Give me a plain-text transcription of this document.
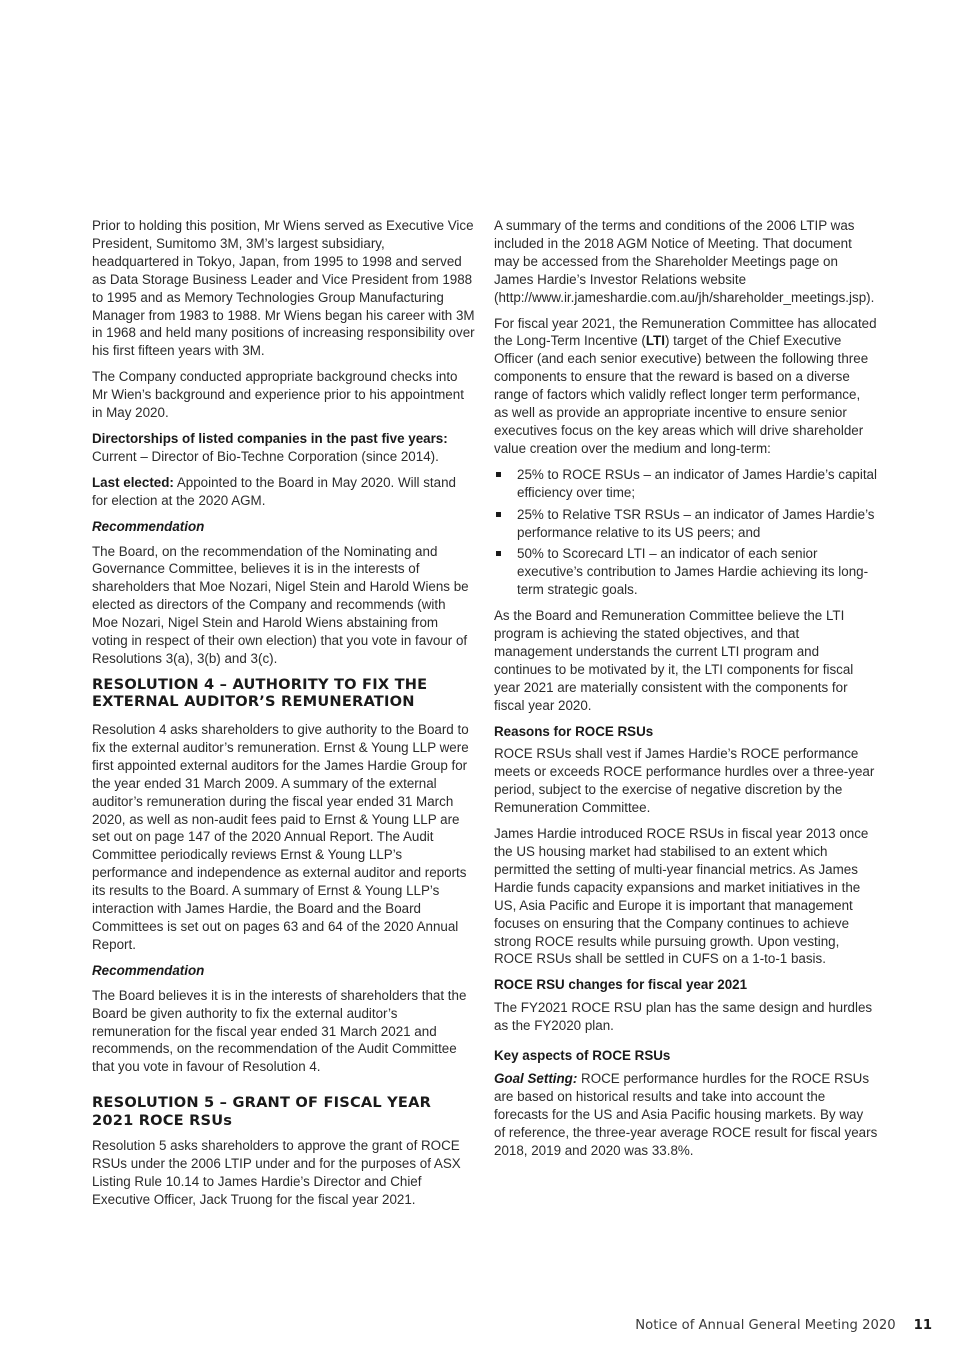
Prior to holding this position, Mr Wiens served as Executive Vice President, Sumitomo 3M, 3M’s largest subsidiary, headquartered in Tokyo, Japan, from 1995 to 1998 and served as Data Storage Business Leader and Vice President from 1988 to 1995 and as Memory Technologies Group Manufacturing Manager from 1983 to 1988. Mr Wiens began his career with 3M in 1968 and held many positions of increasing responsibility over his first fifteen years with 3M.

The Company conducted appropriate background checks into Mr Wien’s background and experience prior to his appointment in May 2020.

Directorships of listed companies in the past five years: Current – Director of Bio-Techne Corporation (since 2014).

Last elected: Appointed to the Board in May 2020. Will stand for election at the 2020 AGM.

Recommendation

The Board, on the recommendation of the Nominating and Governance Committee, believes it is in the interests of shareholders that Moe Nozari, Nigel Stein and Harold Wiens be elected as directors of the Company and recommends (with Moe Nozari, Nigel Stein and Harold Wiens abstaining from voting in respect of their own election) that you vote in favour of Resolutions 3(a), 3(b) and 3(c).

RESOLUTION 4 – AUTHORITY TO FIX THE EXTERNAL AUDITOR’S REMUNERATION

Resolution 4 asks shareholders to give authority to the Board to fix the external auditor’s remuneration. Ernst & Young LLP were first appointed external auditors for the James Hardie Group for the year ended 31 March 2009. A summary of the external auditor’s remuneration during the fiscal year ended 31 March 2020, as well as non-audit fees paid to Ernst & Young LLP are set out on page 147 of the 2020 Annual Report. The Audit Committee periodically reviews Ernst & Young LLP’s performance and independence as external auditor and reports its results to the Board. A summary of Ernst & Young LLP’s interaction with James Hardie, the Board and the Board Committees is set out on pages 63 and 64 of the 2020 Annual Report.

Recommendation

The Board believes it is in the interests of shareholders that the Board be given authority to fix the external auditor’s remuneration for the fiscal year ended 31 March 2021 and recommends, on the recommendation of the Audit Committee that you vote in favour of Resolution 4.

RESOLUTION 5 – GRANT OF FISCAL YEAR 2021 ROCE RSUs

Resolution 5 asks shareholders to approve the grant of ROCE RSUs under the 2006 LTIP under and for the purposes of ASX Listing Rule 10.14 to James Hardie’s Director and Chief Executive Officer, Jack Truong for the fiscal year 2021.

A summary of the terms and conditions of the 2006 LTIP was included in the 2018 AGM Notice of Meeting. That document may be accessed from the Shareholder Meetings page on James Hardie’s Investor Relations website (http://www.ir.jameshardie.com.au/jh/shareholder_meetings.jsp).

For fiscal year 2021, the Remuneration Committee has allocated the Long-Term Incentive (LTI) target of the Chief Executive Officer (and each senior executive) between the following three components to ensure that the reward is based on a diverse range of factors which validly reflect longer term performance, as well as provide an appropriate incentive to ensure senior executives focus on the key areas which will drive shareholder value creation over the medium and long-term:

25% to ROCE RSUs – an indicator of James Hardie’s capital efficiency over time;
25% to Relative TSR RSUs – an indicator of James Hardie’s performance relative to its US peers; and
50% to Scorecard LTI – an indicator of each senior executive’s contribution to James Hardie achieving its long-term strategic goals.

As the Board and Remuneration Committee believe the LTI program is achieving the stated objectives, and that management understands the current LTI program and continues to be motivated by it, the LTI components for fiscal year 2021 are materially consistent with the components for fiscal year 2020.

Reasons for ROCE RSUs

ROCE RSUs shall vest if James Hardie’s ROCE performance meets or exceeds ROCE performance hurdles over a three-year period, subject to the exercise of negative discretion by the Remuneration Committee.

James Hardie introduced ROCE RSUs in fiscal year 2013 once the US housing market had stabilised to an extent which permitted the setting of multi-year financial metrics. As James Hardie funds capacity expansions and market initiatives in the US, Asia Pacific and Europe it is important that management focuses on ensuring that the Company continues to achieve strong ROCE results while pursuing growth. Upon vesting, ROCE RSUs shall be settled in CUFS on a 1-to-1 basis.

ROCE RSU changes for fiscal year 2021

The FY2021 ROCE RSU plan has the same design and hurdles as the FY2020 plan.

Key aspects of ROCE RSUs

Goal Setting: ROCE performance hurdles for the ROCE RSUs are based on historical results and take into account the forecasts for the US and Asia Pacific housing markets. By way of reference, the three-year average ROCE result for fiscal years 2018, 2019 and 2020 was 33.8%.

Notice of Annual General Meeting 2020 11
